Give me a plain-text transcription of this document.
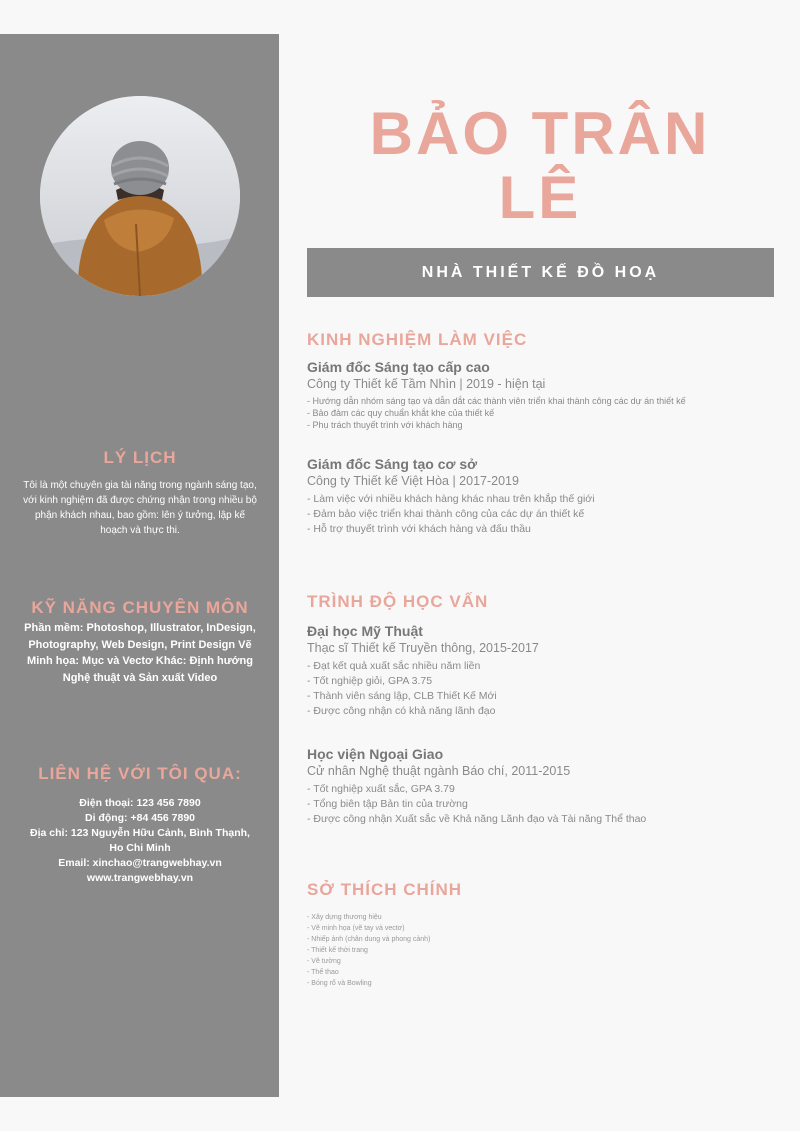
LÝ LỊCH

Tôi là một chuyên gia tài năng trong ngành sáng tạo, với kinh nghiệm đã được chứng nhận trong nhiều bộ phận khách nhau, bao gồm: lên ý tưởng, lập kế hoạch và thực thi.

KỸ NĂNG CHUYÊN MÔN

Phần mềm: Photoshop, Illustrator, InDesign, Photography, Web Design, Print Design Vẽ Minh họa: Mục và Vectơ Khác: Định hướng Nghệ thuật và Sản xuất Video

LIÊN HỆ VỚI TÔI QUA:

Điện thoại: 123 456 7890

Di động: +84 456 7890

Địa chỉ: 123 Nguyễn Hữu Cảnh, Bình Thạnh, Ho Chi Minh

Email: xinchao@trangwebhay.vn

www.trangwebhay.vn

BẢO TRÂN
LÊ
NHÀ THIẾT KẾ ĐỒ HOẠ
KINH NGHIỆM LÀM VIỆC

Giám đốc Sáng tạo cấp cao

Công ty Thiết kế Tầm Nhìn | 2019 - hiện tại

- Hướng dẫn nhóm sáng tạo và dẫn dắt các thành viên triển khai thành công các dự án thiết kế
- Bảo đảm các quy chuẩn khắt khe của thiết kế
- Phụ trách thuyết trình với khách hàng

Giám đốc Sáng tạo cơ sở

Công ty Thiết kế Việt Hòa | 2017-2019

- Làm việc với nhiều khách hàng khác nhau trên khắp thế giới
- Đảm bảo việc triển khai thành công của các dự án thiết kế
- Hỗ trợ thuyết trình với khách hàng và đấu thầu
TRÌNH ĐỘ HỌC VẤN

Đại học Mỹ Thuật

Thạc sĩ Thiết kế Truyền thông, 2015-2017

- Đạt kết quả xuất sắc nhiều năm liền
- Tốt nghiệp giỏi, GPA 3.75
- Thành viên sáng lập, CLB Thiết Kế Mới
- Được công nhận có khả năng lãnh đạo

Học viện Ngoại Giao

Cử nhân Nghệ thuật ngành Báo chí, 2011-2015

- Tốt nghiệp xuất sắc, GPA 3.79
- Tổng biên tập Bản tin của trường
- Được công nhận Xuất sắc về Khả năng Lãnh đạo và Tài năng Thể thao
SỞ THÍCH CHÍNH
- Xây dựng thương hiệu
- Vẽ minh họa (vẽ tay và vectơ)
- Nhiếp ảnh (chân dung và phong cảnh)
- Thiết kế thời trang
- Vẽ tường
- Thể thao
- Bóng rổ và Bowling
